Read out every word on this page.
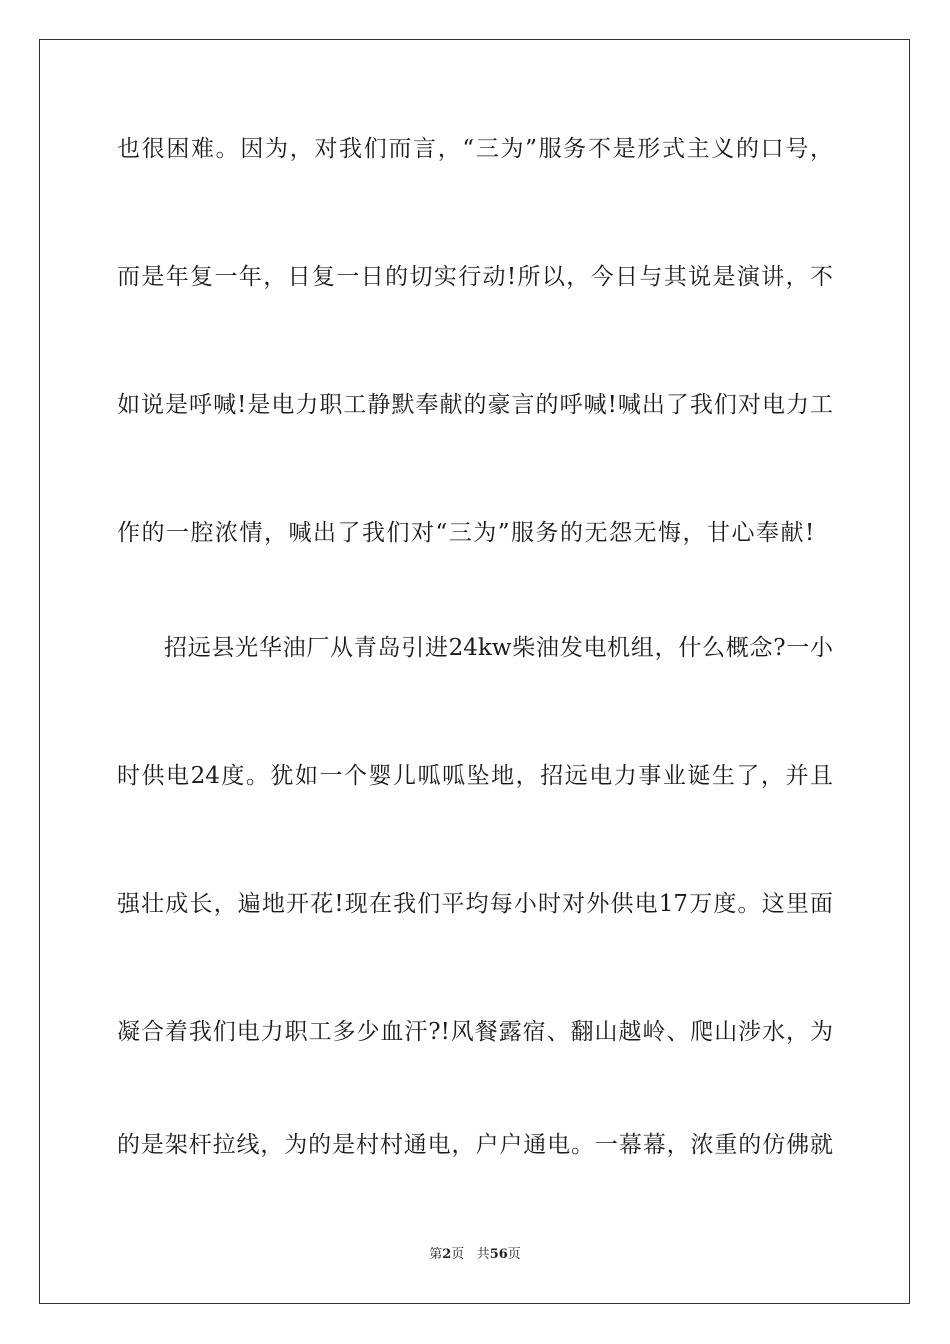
也很困难。因为，对我们而言，“三为”服务不是形式主义的口号，
而是年复一年，日复一日的切实行动!所以，今日与其说是演讲，不
如说是呼喊!是电力职工静默奉献的豪言的呼喊!喊出了我们对电力工
作的一腔浓情，喊出了我们对“三为”服务的无怨无悔，甘心奉献!
招远县光华油厂从青岛引进24kw柴油发电机组，什么概念?一小
时供电24度。犹如一个婴儿呱呱坠地，招远电力事业诞生了，并且
强壮成长，遍地开花!现在我们平均每小时对外供电17万度。这里面
凝合着我们电力职工多少血汗?!风餐露宿、翻山越岭、爬山涉水，为
的是架杆拉线，为的是村村通电，户户通电。一幕幕，浓重的仿佛就
第2页 共56页
